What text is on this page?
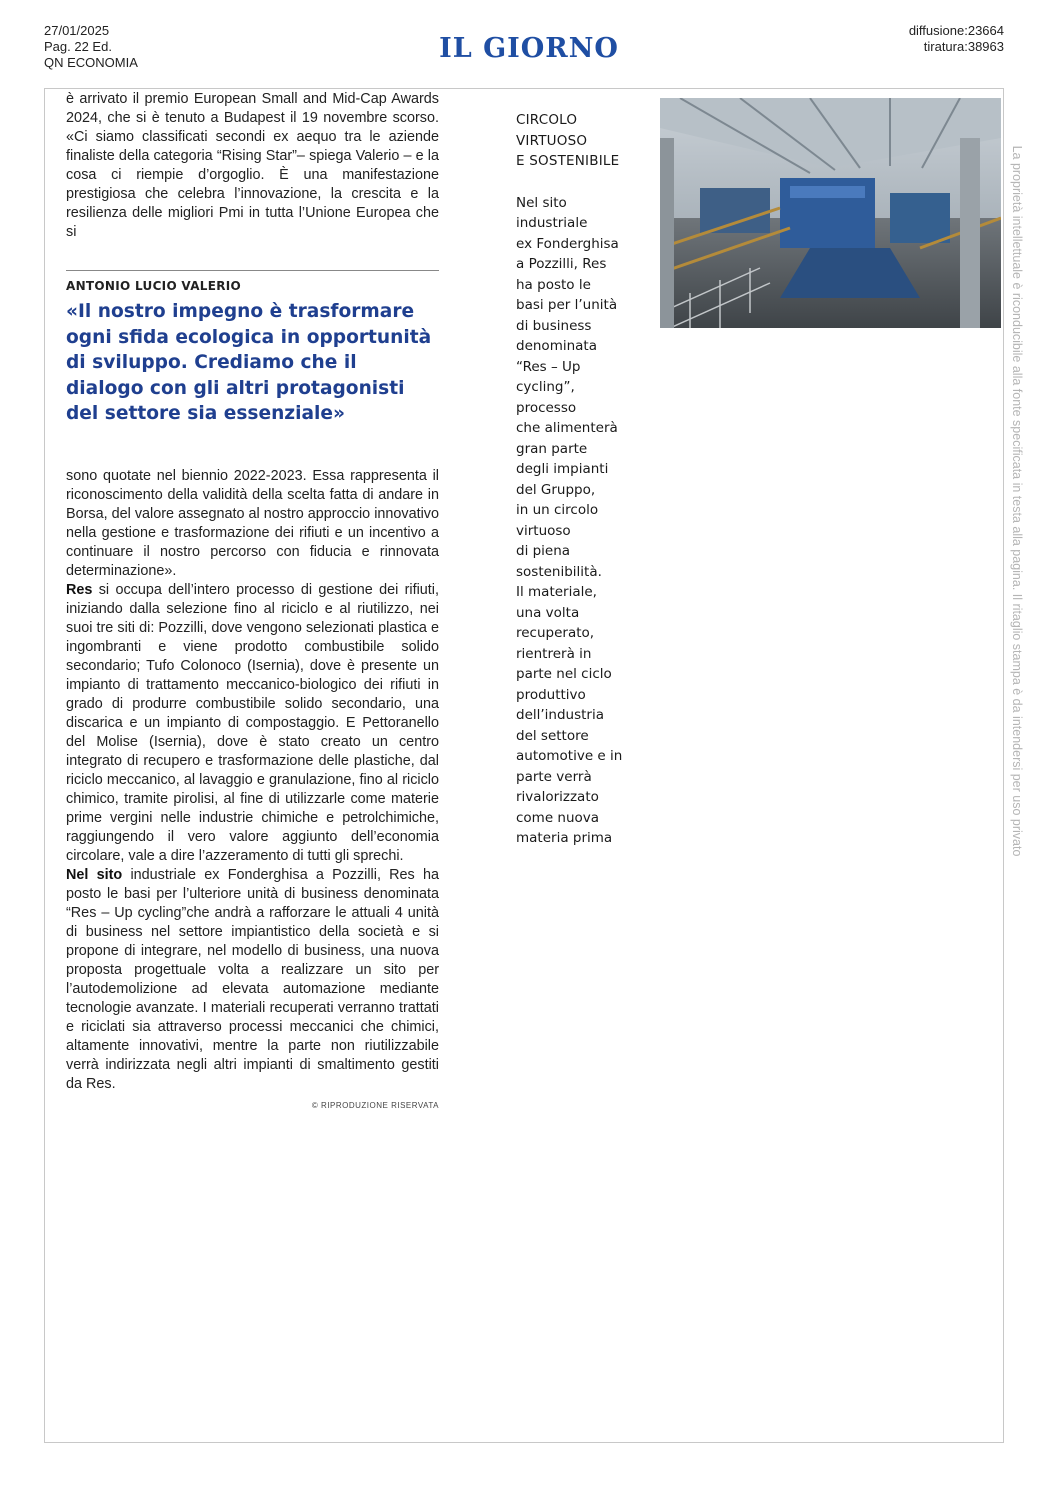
27/01/2025
Pag. 22 Ed.
QN ECONOMIA	IL GIORNO
diffusione:23664
tiratura:38963

è arrivato il premio European Small and Mid-Cap Awards 2024, che si è tenuto a Budapest il 19 novembre scorso. «Ci siamo classificati secondi ex aequo tra le aziende finaliste della categoria “Rising Star”– spiega Valerio – e la cosa ci riempie d’orgoglio. È una manifestazione prestigiosa che celebra l’innovazione, la crescita e la resilienza delle migliori Pmi in tutta l’Unione Europea che si

ANTONIO LUCIO VALERIO
«Il nostro impegno è trasformare ogni sfida ecologica in opportunità di sviluppo. Crediamo che il dialogo con gli altri protagonisti del settore sia essenziale»

sono quotate nel biennio 2022-2023. Essa rappresenta il riconoscimento della validità della scelta fatta di andare in Borsa, del valore assegnato al nostro approccio innovativo nella gestione e trasformazione dei rifiuti e un incentivo a continuare il nostro percorso con fiducia e rinnovata determinazione».

Res si occupa dell’intero processo di gestione dei rifiuti, iniziando dalla selezione fino al riciclo e al riutilizzo, nei suoi tre siti di: Pozzilli, dove vengono selezionati plastica e ingombranti e viene prodotto combustibile solido secondario; Tufo Colonoco (Isernia), dove è presente un impianto di trattamento meccanico-biologico dei rifiuti in grado di produrre combustibile solido secondario, una discarica e un impianto di compostaggio. E Pettoranello del Molise (Isernia), dove è stato creato un centro integrato di recupero e trasformazione delle plastiche, dal riciclo meccanico, al lavaggio e granulazione, fino al riciclo chimico, tramite pirolisi, al fine di utilizzarle come materie prime vergini nelle industrie chimiche e petrolchimiche, raggiungendo il vero valore aggiunto dell’economia circolare, vale a dire l’azzeramento di tutti gli sprechi.

Nel sito industriale ex Fonderghisa a Pozzilli, Res ha posto le basi per l’ulteriore unità di business denominata “Res – Up cycling”che andrà a rafforzare le attuali 4 unità di business nel settore impiantistico della società e si propone di integrare, nel modello di business, una nuova proposta progettuale volta a realizzare un sito per l’autodemolizione ad elevata automazione mediante tecnologie avanzate. I materiali recuperati verranno trattati e riciclati sia attraverso processi meccanici che chimici, altamente innovativi, mentre la parte non riutilizzabile verrà indirizzata negli altri impianti di smaltimento gestiti da Res.

© RIPRODUZIONE RISERVATA
CIRCOLO
VIRTUOSO
E SOSTENIBILE
Nel sito
industriale
ex Fonderghisa
a Pozzilli, Res
ha posto le
basi per l’unità
di business
denominata
“Res – Up
cycling”,
processo
che alimenterà
gran parte
degli impianti
del Gruppo,
in un circolo
virtuoso
di piena
sostenibilità.
Il materiale,
una volta
recuperato,
rientrerà in
parte nel ciclo
produttivo
dell’industria
del settore
automotive e in
parte verrà
rivalorizzato
come nuova
materia prima	La proprietà intellettuale è riconducibile alla fonte specificata in testa alla pagina. Il ritaglio stampa è da intendersi per uso privato
